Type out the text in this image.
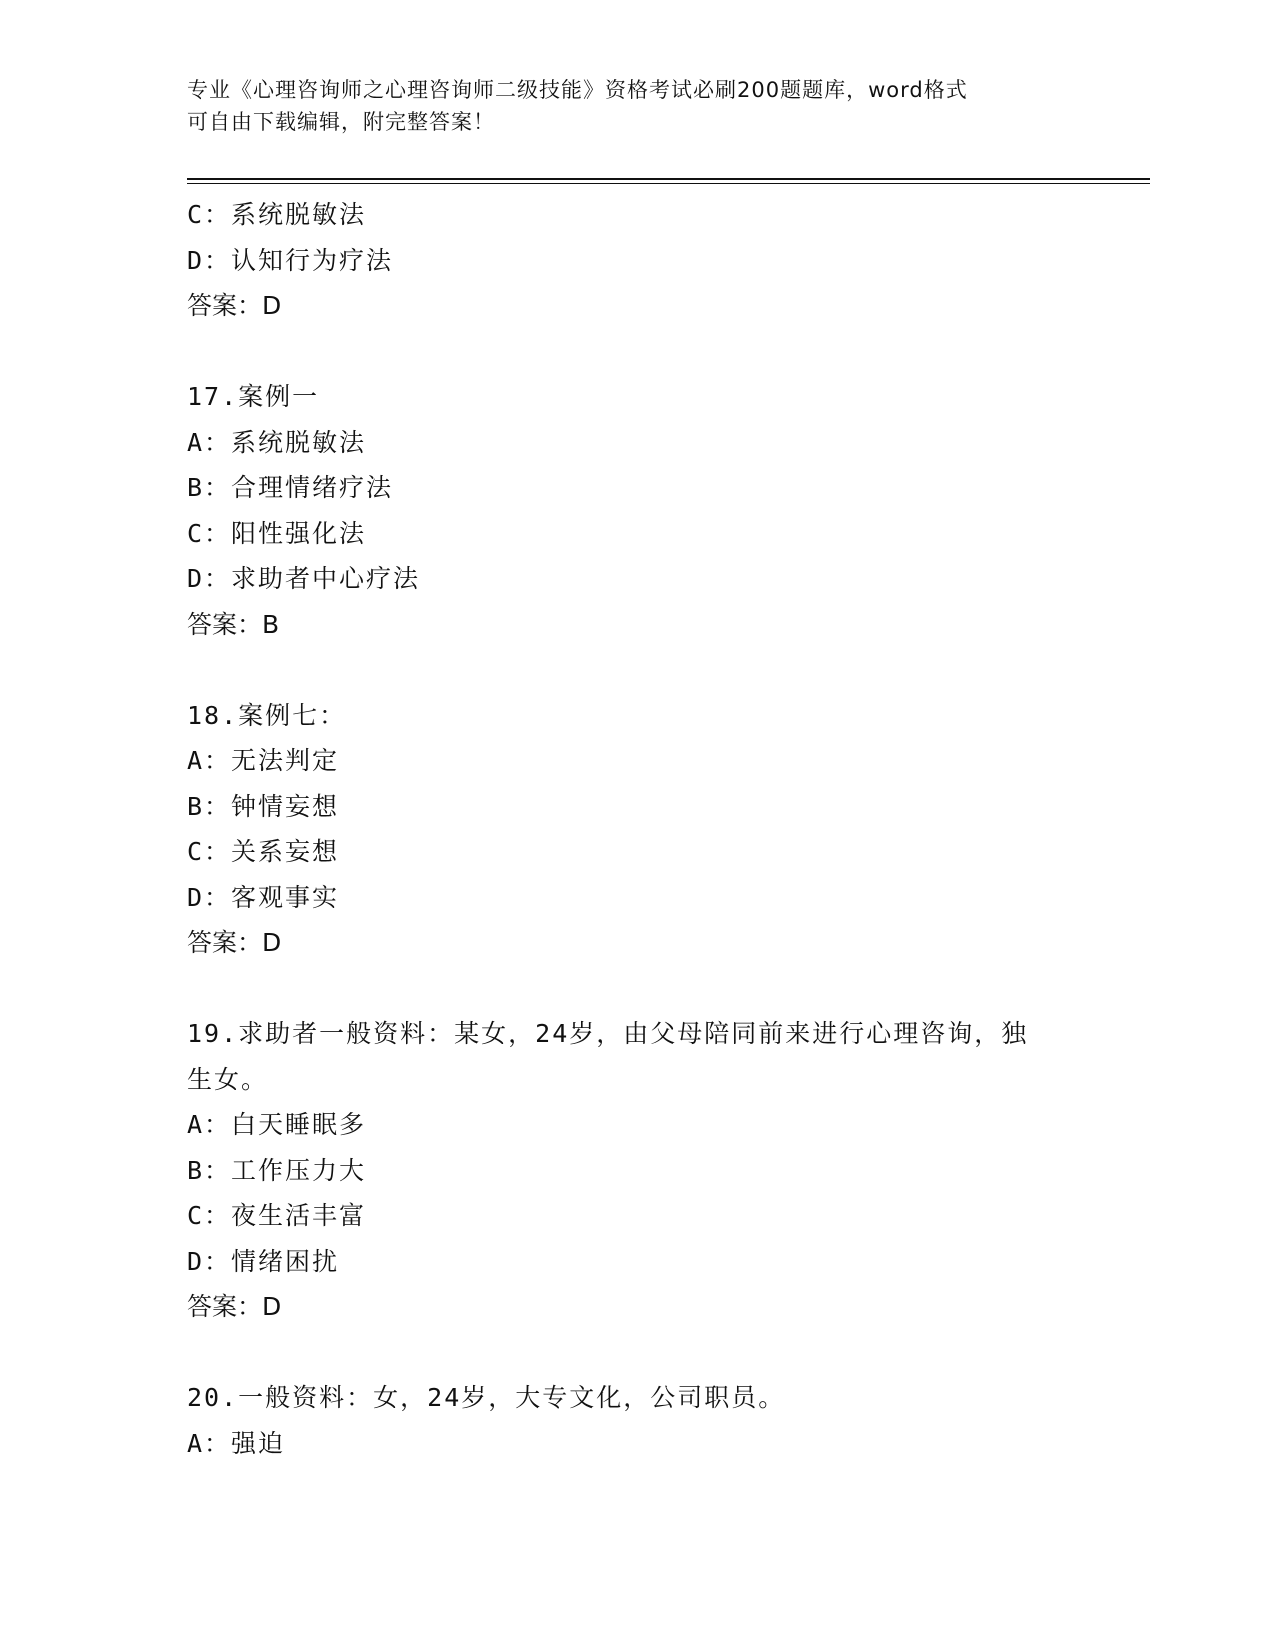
专业《心理咨询师之心理咨询师二级技能》资格考试必刷200题题库，word格式
可自由下载编辑，附完整答案！
C：系统脱敏法
D：认知行为疗法
答案：D
17.案例一
A：系统脱敏法
B：合理情绪疗法
C：阳性强化法
D：求助者中心疗法
答案：B
18.案例七：
A：无法判定
B：钟情妄想
C：关系妄想
D：客观事实
答案：D
19.求助者一般资料：某女，24岁，由父母陪同前来进行心理咨询，独
生女。
A：白天睡眠多
B：工作压力大
C：夜生活丰富
D：情绪困扰
答案：D
20.一般资料：女，24岁，大专文化，公司职员。
A：强迫
